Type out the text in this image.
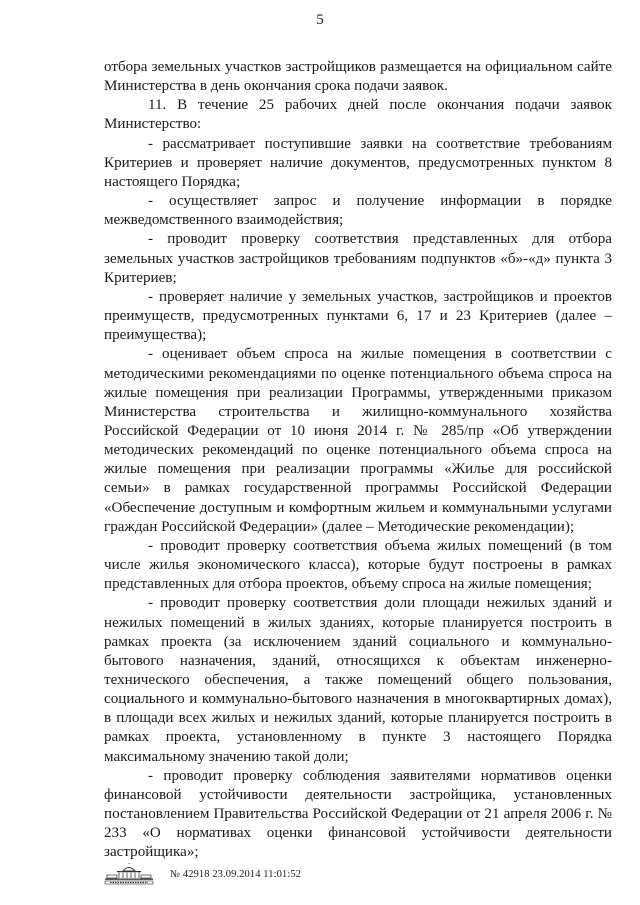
5

отбора земельных участков застройщиков размещается на официальном сайте Министерства в день окончания срока подачи заявок.

11. В течение 25 рабочих дней после окончания подачи заявок Министерство:

- рассматривает поступившие заявки на соответствие требованиям Критериев и проверяет наличие документов, предусмотренных пунктом 8 настоящего Порядка;

- осуществляет запрос и получение информации в порядке межведомственного взаимодействия;

- проводит проверку соответствия представленных для отбора земельных участков застройщиков требованиям подпунктов «б»-«д» пункта 3 Критериев;

- проверяет наличие у земельных участков, застройщиков и проектов преимуществ, предусмотренных пунктами 6, 17 и 23 Критериев (далее – преимущества);

- оценивает объем спроса на жилые помещения в соответствии с методическими рекомендациями по оценке потенциального объема спроса на жилые помещения при реализации Программы, утвержденными приказом Министерства строительства и жилищно-коммунального хозяйства Российской Федерации от 10 июня 2014 г. № 285/пр «Об утверждении методических рекомендаций по оценке потенциального объема спроса на жилые помещения при реализации программы «Жилье для российской семьи» в рамках государственной программы Российской Федерации «Обеспечение доступным и комфортным жильем и коммунальными услугами граждан Российской Федерации» (далее – Методические рекомендации);

- проводит проверку соответствия объема жилых помещений (в том числе жилья экономического класса), которые будут построены в рамках представленных для отбора проектов, объему спроса на жилые помещения;

- проводит проверку соответствия доли площади нежилых зданий и нежилых помещений в жилых зданиях, которые планируется построить в рамках проекта (за исключением зданий социального и коммунально-бытового назначения, зданий, относящихся к объектам инженерно-технического обеспечения, а также помещений общего пользования, социального и коммунально-бытового назначения в многоквартирных домах), в площади всех жилых и нежилых зданий, которые планируется построить в рамках проекта, установленному в пункте 3 настоящего Порядка максимальному значению такой доли;

- проводит проверку соблюдения заявителями нормативов оценки финансовой устойчивости деятельности застройщика, установленных постановлением Правительства Российской Федерации от 21 апреля 2006 г. № 233 «О нормативах оценки финансовой устойчивости деятельности застройщика»;

№ 42918 23.09.2014 11:01:52
